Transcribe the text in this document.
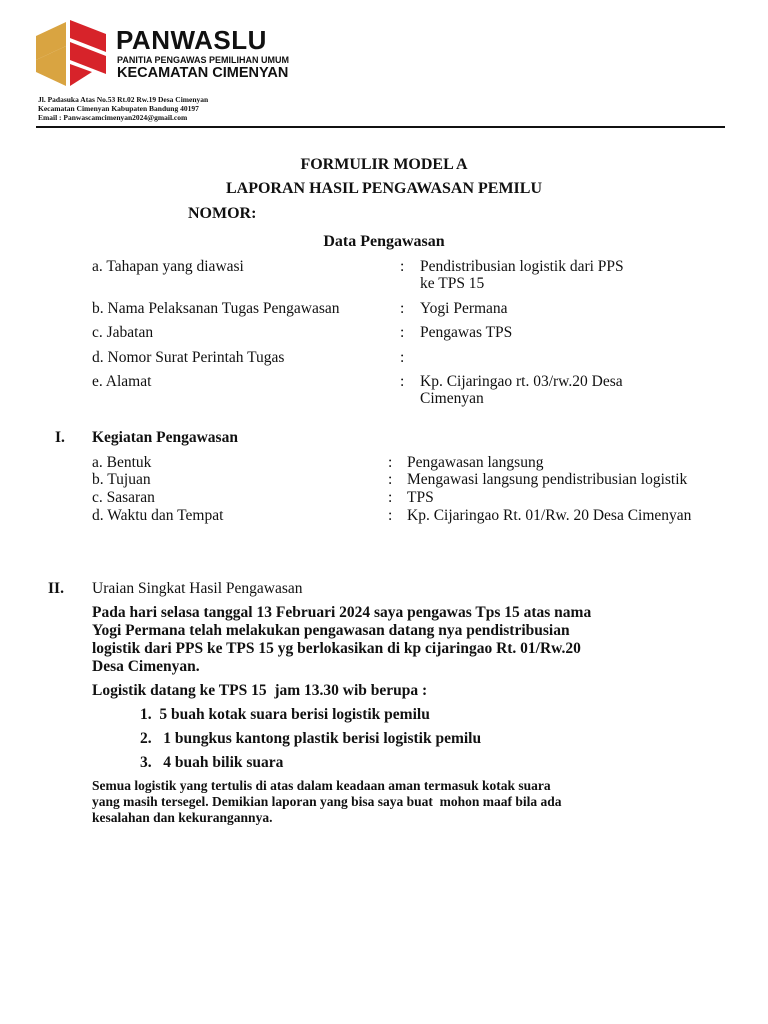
PANWASLU
PANITIA PENGAWAS PEMILIHAN UMUM
KECAMATAN CIMENYAN
Jl. Padasuka Atas No.53 Rt.02 Rw.19 Desa Cimenyan
Kecamatan Cimenyan Kabupaten Bandung 40197
Email : Panwascamcimenyan2024@gmail.com
FORMULIR MODEL A
LAPORAN HASIL PENGAWASAN PEMILU
NOMOR:
Data Pengawasan
a. Tahapan yang diawasi	: Pendistribusian logistik dari PPS
ke TPS 15
b. Nama Pelaksanan Tugas Pengawasan	: Yogi Permana
c. Jabatan	: Pengawas TPS
d. Nomor Surat Perintah Tugas	:
e. Alamat	: Kp. Cijaringao rt. 03/rw.20 Desa
Cimenyan
I. Kegiatan Pengawasan
a. Bentuk	: Pengawasan langsung
b. Tujuan	: Mengawasi langsung pendistribusian logistik
c. Sasaran	: TPS
d. Waktu dan Tempat	: Kp. Cijaringao Rt. 01/Rw. 20 Desa Cimenyan
II. Uraian Singkat Hasil Pengawasan
Pada hari selasa tanggal 13 Februari 2024 saya pengawas Tps 15 atas nama
Yogi Permana telah melakukan pengawasan datang nya pendistribusian
logistik dari PPS ke TPS 15 yg berlokasikan di kp cijaringao Rt. 01/Rw.20
Desa Cimenyan.
Logistik datang ke TPS 15  jam 13.30 wib berupa :
1.  5 buah kotak suara berisi logistik pemilu
2.   1 bungkus kantong plastik berisi logistik pemilu
3.   4 buah bilik suara
Semua logistik yang tertulis di atas dalam keadaan aman termasuk kotak suara
yang masih tersegel. Demikian laporan yang bisa saya buat  mohon maaf bila ada
kesalahan dan kekurangannya.
